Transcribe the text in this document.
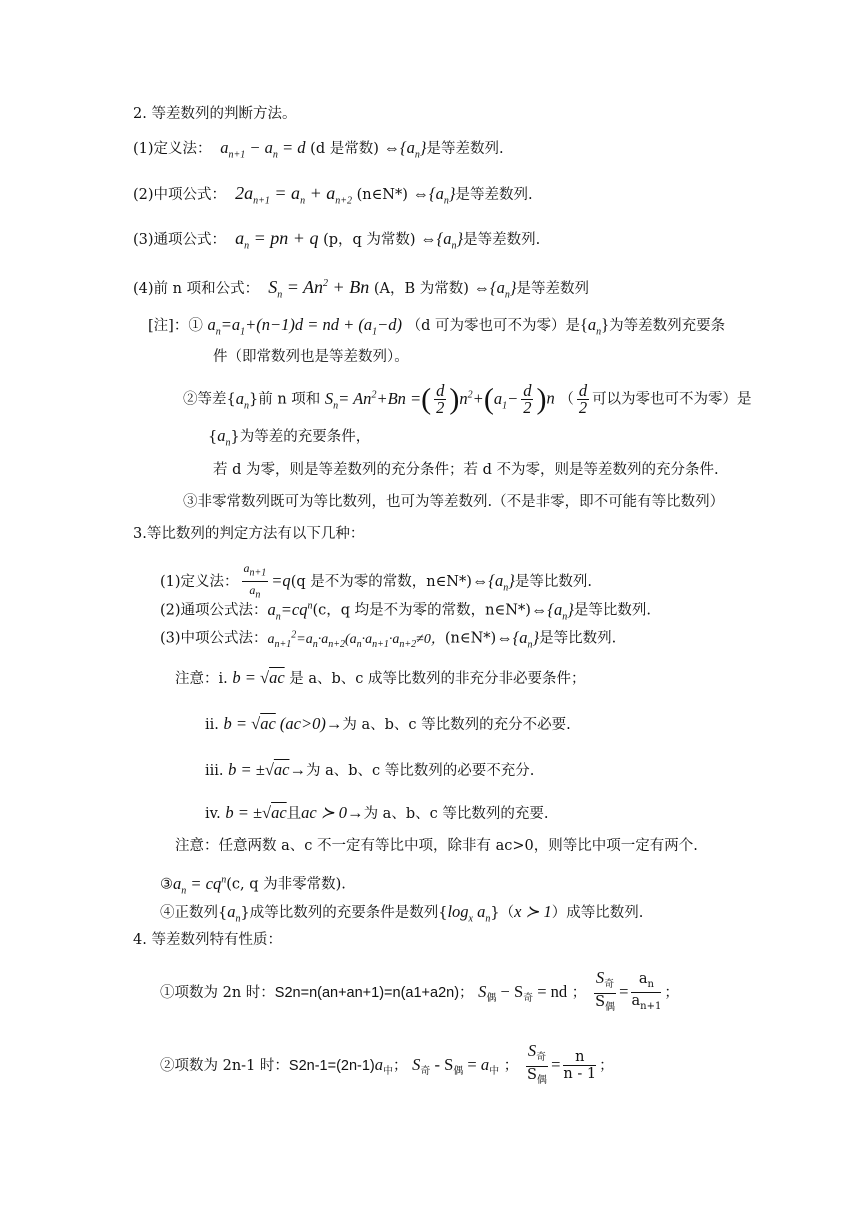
2. 等差数列的判断方法。
(1)定义法：  $a_{n+1} - a_n = d$ (d 是常数) $\Leftrightarrow\{a_n\}$是等差数列.
(2)中项公式：  $2a_{n+1} = a_n + a_{n+2}$ (n∈N*) $\Leftrightarrow\{a_n\}$是等差数列.
(3)通项公式：  $a_n$ = pn + q (p，q 为常数) $\Leftrightarrow\{a_n\}$是等差数列.
(4)前 n 项和公式：  $S_n = An^2 + Bn$ (A，B 为常数) $\Leftrightarrow\{a_n\}$是等差数列
[注]：① $a_n=a_1+(n-1)d$ = nd + $(a_1-d)$ （d 可为零也可不为零）是$\{a_n\}$为等差数列充要条
件（即常数列也是等差数列）。
②等差$\{a_n\}$前 n 项和 $S_n= An^2+Bn$ =( $\frac{d}{2} )n^2+(a_1- \frac{d}{2} )n$ （ $\frac{d}{2}$ 可以为零也可不为零）是
$\{a_n\}$为等差的充要条件，
若 d 为零，则是等差数列的充分条件；若 d 不为零，则是等差数列的充分条件.
③非零常数列既可为等比数列，也可为等差数列.（不是非零，即不可能有等比数列）
3.等比数列的判定方法有以下几种：
(1)定义法： $\frac{a_{n+1}}{a_n} =q(q$ 是不为零的常数，$n\in N*)\Leftrightarrow\{a_n\}$是等比数列.
(2)通项公式法：$a_n=cq^n(c$，q 均是不为零的常数，$n\in N*)\Leftrightarrow\{a_n\}$是等比数列.
(3)中项公式法：$a_{n+1}^2=a_n\cdot a_{n+2}(a_n\cdot a_{n+1}\cdot a_{n+2}\ne 0$，$(n\in N*)\Leftrightarrow\{a_n\}$是等比数列.
注意：i. b = √ac 是 a、b、c 成等比数列的非充分非必要条件；
ii. b = √ac (ac>0)→为 a、b、c 等比数列的充分不必要.
iii. b = ±√ac→为 a、b、c 等比数列的必要不充分.
iv. b = ±√ac且ac ≻ 0→为 a、b、c 等比数列的充要.
注意：任意两数 a、c 不一定有等比中项，除非有 ac>0，则等比中项一定有两个.
$③a_n = cq^n(c$, q 为非零常数).
④正数列$\{a_n\}$成等比数列的充要条件是数列{$\log_x$ $a_n\}(x$ ≻ 1）成等比数列.
4. 等差数列特有性质：
①项数为 2n 时：S2n=n(an+an+1)=n(a1+a2n)； $S_偶 - S_奇$ = nd ； $\frac{S_奇}{S_偶} = \frac{a_n}{a_{n+1}}$ ；
②项数为 2n-1 时：$S2n-1=(2n-1)a_中$； $S_奇 - S_偶 = a_中$ ； $\frac{S_奇}{S_偶} = \frac{n}{n - 1}$ ；
